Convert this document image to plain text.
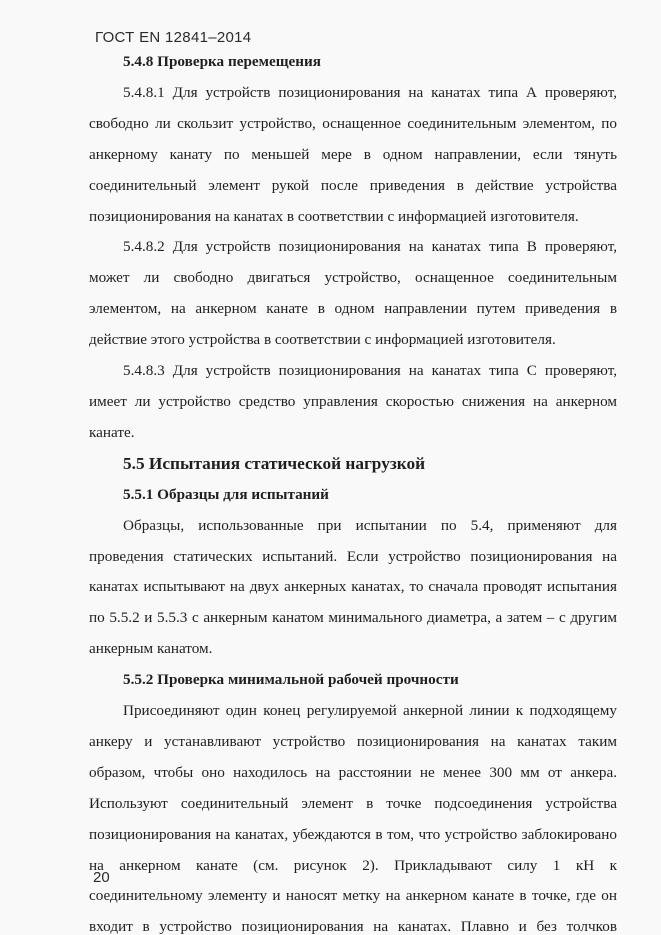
ГОСТ EN 12841–2014
5.4.8 Проверка перемещения

5.4.8.1 Для устройств позиционирования на канатах типа А проверяют, свободно ли скользит устройство, оснащенное соединительным элементом, по анкерному канату по меньшей мере в одном направлении, если тянуть соединительный элемент рукой после приведения в действие устройства позиционирования на канатах в соответствии с информацией изготовителя.

5.4.8.2 Для устройств позиционирования на канатах типа В проверяют, может ли свободно двигаться устройство, оснащенное соединительным элементом, на анкерном канате в одном направлении путем приведения в действие этого устройства в соответствии с информацией изготовителя.

5.4.8.3 Для устройств позиционирования на канатах типа С проверяют, имеет ли устройство средство управления скоростью снижения на анкерном канате.

5.5 Испытания статической нагрузкой
5.5.1 Образцы для испытаний

Образцы, использованные при испытании по 5.4, применяют для проведения статических испытаний. Если устройство позиционирования на канатах испытывают на двух анкерных канатах, то сначала проводят испытания по 5.5.2 и 5.5.3 с анкерным канатом минимального диаметра, а затем – с другим анкерным канатом.

5.5.2 Проверка минимальной рабочей прочности

Присоединяют один конец регулируемой анкерной линии к подходящему анкеру и устанавливают устройство позиционирования на канатах таким образом, чтобы оно находилось на расстоянии не менее 300 мм от анкера. Используют соединительный элемент в точке подсоединения устройства позиционирования на канатах, убеждаются в том, что устройство заблокировано на анкерном канате (см. рисунок 2). Прикладывают силу 1 кН к соединительному элементу и наносят метку на анкерном канате в точке, где он входит в устройство позиционирования на канатах. Плавно и без толчков

20
